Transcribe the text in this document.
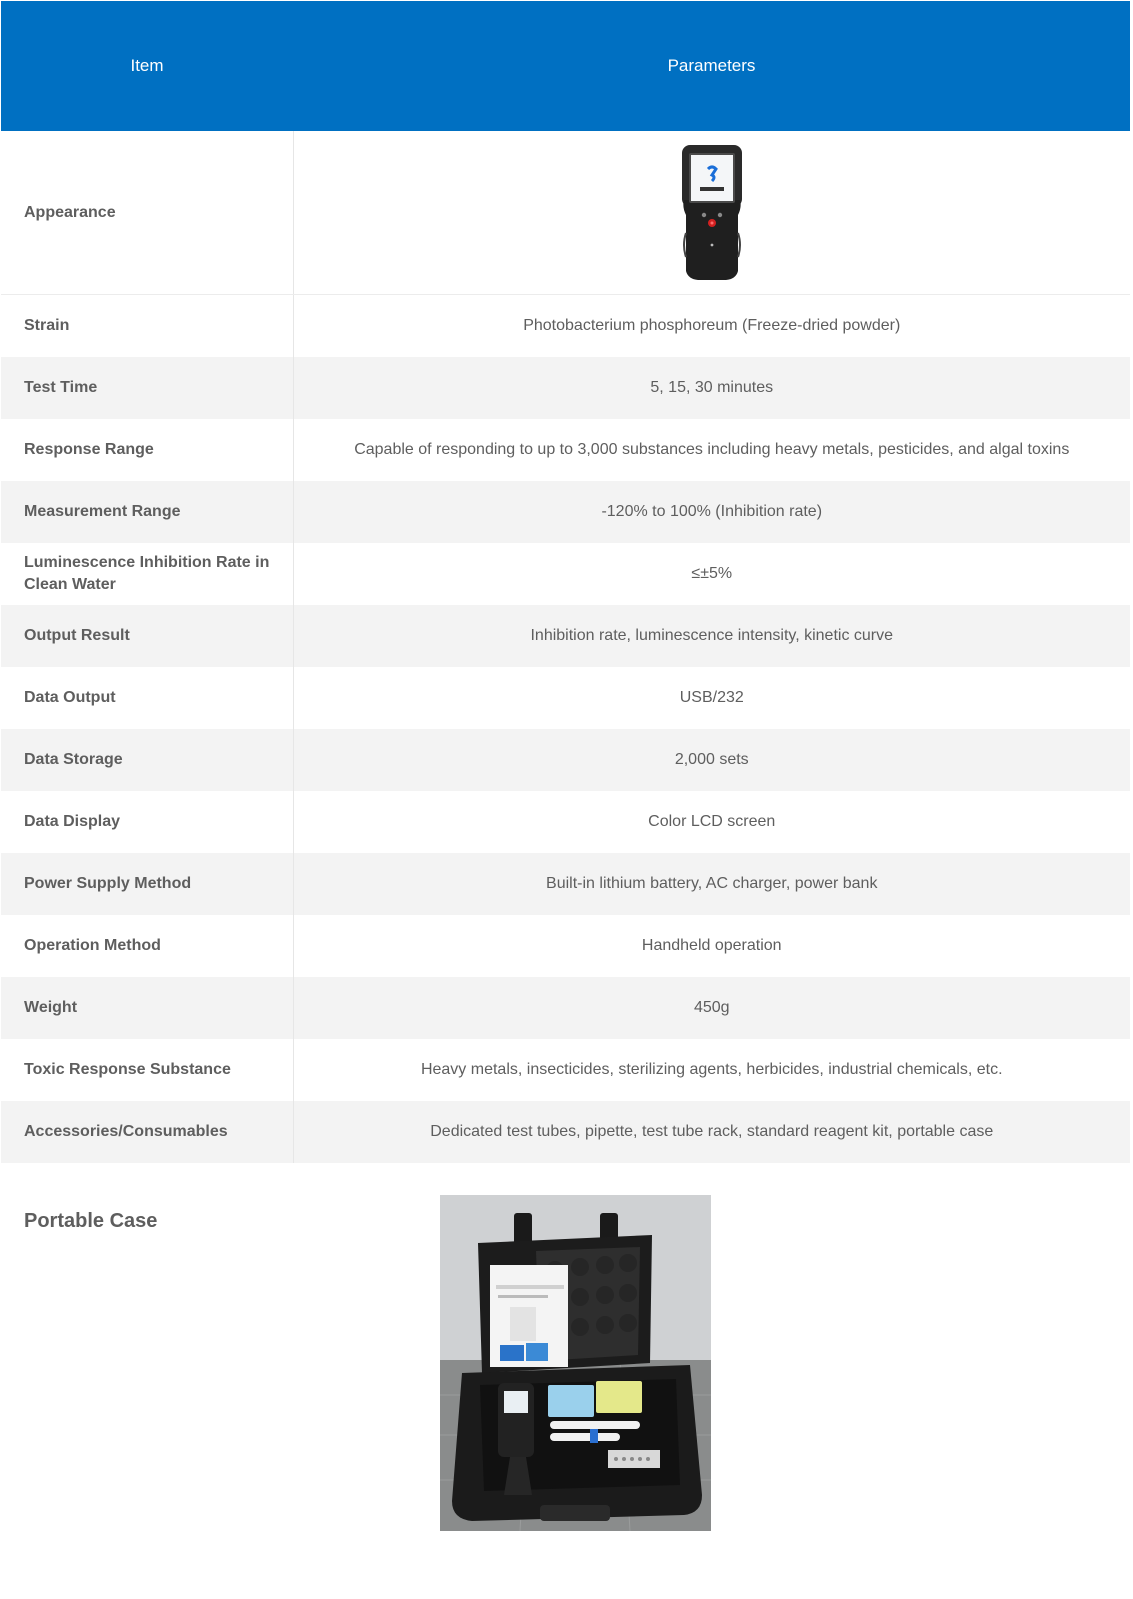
Item	Parameters
Appearance	
Strain	Photobacterium phosphoreum (Freeze-dried powder)
Test Time	5, 15, 30 minutes
Response Range	Capable of responding to up to 3,000 substances including heavy metals, pesticides, and algal toxins
Measurement Range	-120% to 100% (Inhibition rate)
Luminescence Inhibition Rate in Clean Water	≤±5%
Output Result	Inhibition rate, luminescence intensity, kinetic curve
Data Output	USB/232
Data Storage	2,000 sets
Data Display	Color LCD screen
Power Supply Method	Built-in lithium battery, AC charger, power bank
Operation Method	Handheld operation
Weight	450g
Toxic Response Substance	Heavy metals, insecticides, sterilizing agents, herbicides, industrial chemicals, etc.
Accessories/Consumables	Dedicated test tubes, pipette, test tube rack, standard reagent kit, portable case
Portable Case
